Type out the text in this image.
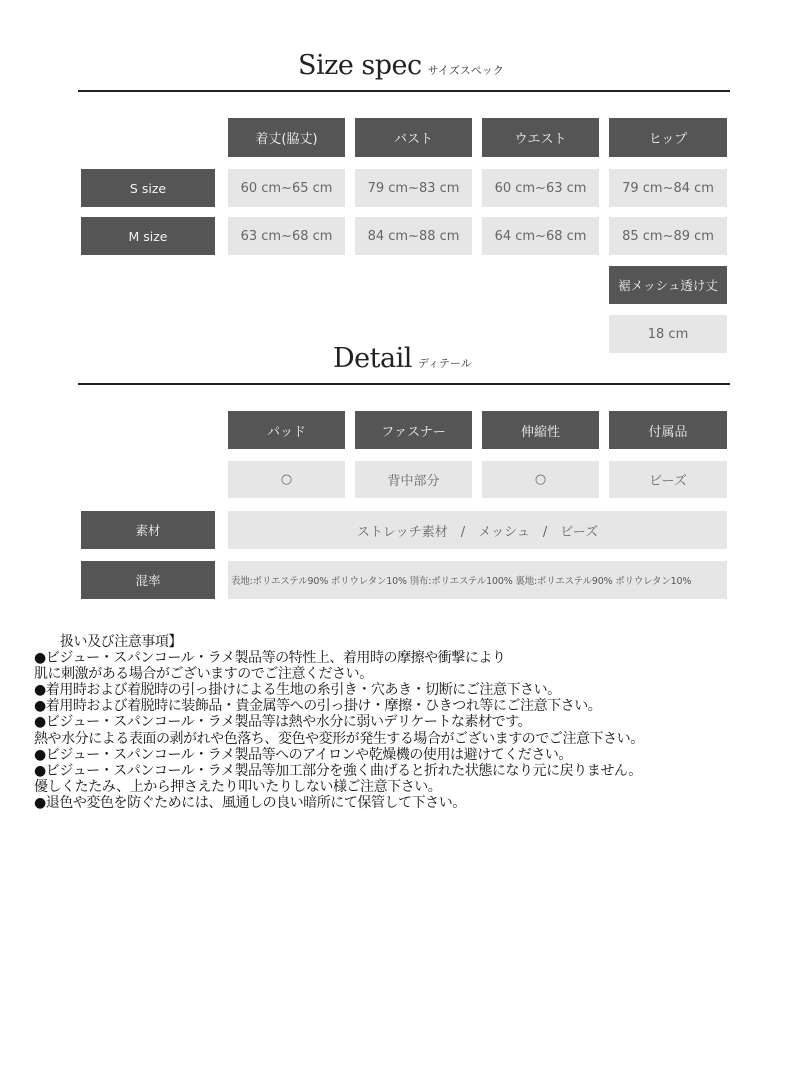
Size spec サイズスペック
着丈(脇丈)	バスト	ウエスト	ヒップ
S size	60 cm~65 cm	79 cm~83 cm	60 cm~63 cm	79 cm~84 cm
M size	63 cm~68 cm	84 cm~88 cm	64 cm~68 cm	85 cm~89 cm
裾メッシュ透け丈
18 cm
Detail ディテール
パッド	ファスナー	伸縮性	付属品
○	背中部分	○	ビーズ
素材	ストレッチ素材　/　メッシュ　/　ビーズ
混率	表地:ポリエステル90% ポリウレタン10% 別布:ポリエステル100% 裏地:ポリエステル90% ポリウレタン10%
扱い及び注意事項】
●ビジュー・スパンコール・ラメ製品等の特性上、着用時の摩擦や衝撃により
肌に刺激がある場合がございますのでご注意ください。
●着用時および着脱時の引っ掛けによる生地の糸引き・穴あき・切断にご注意下さい。
●着用時および着脱時に装飾品・貴金属等への引っ掛け・摩擦・ひきつれ等にご注意下さい。
●ビジュー・スパンコール・ラメ製品等は熱や水分に弱いデリケートな素材です。
熱や水分による表面の剥がれや色落ち、変色や変形が発生する場合がございますのでご注意下さい。
●ビジュー・スパンコール・ラメ製品等へのアイロンや乾燥機の使用は避けてください。
●ビジュー・スパンコール・ラメ製品等加工部分を強く曲げると折れた状態になり元に戻りません。
優しくたたみ、上から押さえたり叩いたりしない様ご注意下さい。
●退色や変色を防ぐためには、風通しの良い暗所にて保管して下さい。
